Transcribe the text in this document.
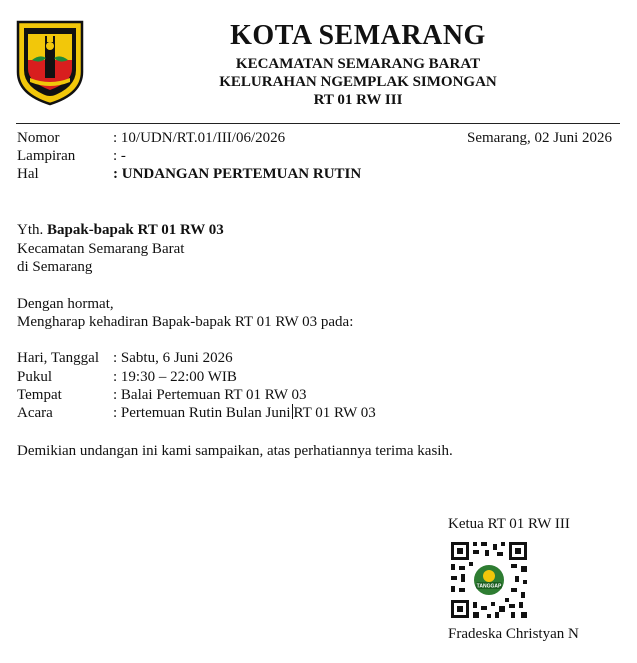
KOTA SEMARANG
KECAMATAN SEMARANG BARAT
KELURAHAN NGEMPLAK SIMONGAN
RT 01 RW III
Nomor	: 10/UDN/RT.01/III/06/2026	Semarang, 02 Juni 2026
Lampiran	: -
Hal	: UNDANGAN PERTEMUAN RUTIN
Yth. Bapak-bapak RT 01 RW 03
Kecamatan Semarang Barat
di Semarang
Dengan hormat,
Mengharap kehadiran Bapak-bapak RT 01 RW 03 pada:
Hari, Tanggal : Sabtu, 6 Juni 2026
Pukul	: 19:30 – 22:00 WIB
Tempat	: Balai Pertemuan RT 01 RW 03
Acara	: Pertemuan Rutin Bulan Juni RT 01 RW 03
Demikian undangan ini kami sampaikan, atas perhatiannya terima kasih.
Ketua RT 01 RW III
TANGGAP
Fradeska Christyan N
